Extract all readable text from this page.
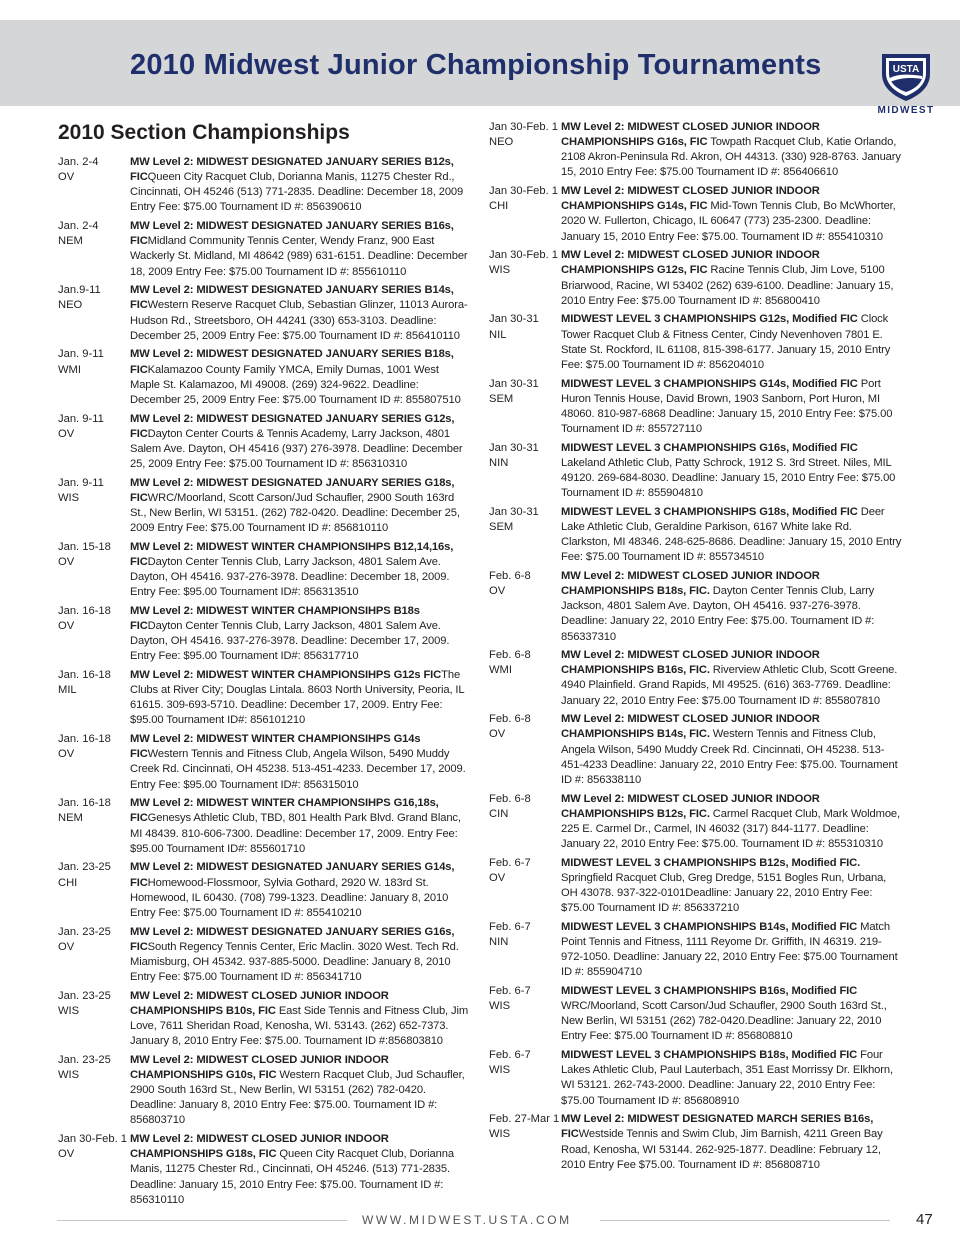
2010 Midwest Junior Championship Tournaments	USTA
MIDWEST
2010 Section Championships
Jan. 2-4
OV
MW Level 2: MIDWEST DESIGNATED JANUARY SERIES B12s, FICQueen City Racquet Club, Dorianna Manis, 11275 Chester Rd., Cincinnati, OH 45246 (513) 771-2835. Deadline: December 18, 2009 Entry Fee: $75.00 Tournament ID #: 856390610
Jan. 2-4
NEM
MW Level 2: MIDWEST DESIGNATED JANUARY SERIES B16s, FICMidland Community Tennis Center, Wendy Franz, 900 East Wackerly St. Midland, MI 48642 (989) 631-6151. Deadline: December 18, 2009 Entry Fee: $75.00 Tournament ID #: 855610110
Jan.9-11
NEO
MW Level 2: MIDWEST DESIGNATED JANUARY SERIES B14s, FICWestern Reserve Racquet Club, Sebastian Glinzer, 11013 Aurora-Hudson Rd., Streetsboro, OH 44241 (330) 653-3103. Deadline: December 25, 2009 Entry Fee: $75.00 Tournament ID #: 856410110
Jan. 9-11
WMI
MW Level 2: MIDWEST DESIGNATED JANUARY SERIES B18s, FICKalamazoo County Family YMCA, Emily Dumas, 1001 West Maple St. Kalamazoo, MI 49008. (269) 324-9622. Deadline: December 25, 2009 Entry Fee: $75.00 Tournament ID #: 855807510
Jan. 9-11
OV
MW Level 2: MIDWEST DESIGNATED JANUARY SERIES G12s, FICDayton Center Courts & Tennis Academy, Larry Jackson, 4801 Salem Ave. Dayton, OH 45416 (937) 276-3978. Deadline: December 25, 2009 Entry Fee: $75.00 Tournament ID #: 856310310
Jan. 9-11
WIS
MW Level 2: MIDWEST DESIGNATED JANUARY SERIES G18s, FICWRC/Moorland, Scott Carson/Jud Schaufler, 2900 South 163rd St., New Berlin, WI 53151. (262) 782-0420. Deadline: December 25, 2009 Entry Fee: $75.00 Tournament ID #: 856810110
Jan. 15-18
OV
MW Level 2: MIDWEST WINTER CHAMPIONSIHPS B12,14,16s, FICDayton Center Tennis Club, Larry Jackson, 4801 Salem Ave. Dayton, OH 45416. 937-276-3978. Deadline: December 18, 2009. Entry Fee: $95.00 Tournament ID#: 856313510
Jan. 16-18
OV
MW Level 2: MIDWEST WINTER CHAMPIONSIHPS B18s FICDayton Center Tennis Club, Larry Jackson, 4801 Salem Ave. Dayton, OH 45416. 937-276-3978. Deadline: December 17, 2009. Entry Fee: $95.00 Tournament ID#: 856317710
Jan. 16-18
MIL
MW Level 2: MIDWEST WINTER CHAMPIONSIHPS G12s FICThe Clubs at River City; Douglas Lintala. 8603 North University, Peoria, IL 61615. 309-693-5710. Deadline: December 17, 2009. Entry Fee: $95.00 Tournament ID#: 856101210
Jan. 16-18
OV
MW Level 2: MIDWEST WINTER CHAMPIONSIHPS G14s FICWestern Tennis and Fitness Club, Angela Wilson, 5490 Muddy Creek Rd. Cincinnati, OH 45238. 513-451-4233. December 17, 2009. Entry Fee: $95.00 Tournament ID#: 856315010
Jan. 16-18
NEM
MW Level 2: MIDWEST WINTER CHAMPIONSIHPS G16,18s, FICGenesys Athletic Club, TBD, 801 Health Park Blvd. Grand Blanc, MI 48439. 810-606-7300. Deadline: December 17, 2009. Entry Fee: $95.00 Tournament ID#: 855601710
Jan. 23-25
CHI
MW Level 2: MIDWEST DESIGNATED JANUARY SERIES G14s, FICHomewood-Flossmoor, Sylvia Gothard, 2920 W. 183rd St. Homewood, IL 60430. (708) 799-1323. Deadline: January 8, 2010 Entry Fee: $75.00 Tournament ID #: 855410210
Jan. 23-25
OV
MW Level 2: MIDWEST DESIGNATED JANUARY SERIES G16s, FICSouth Regency Tennis Center, Eric Maclin. 3020 West. Tech Rd. Miamisburg, OH 45342. 937-885-5000. Deadline: January 8, 2010 Entry Fee: $75.00 Tournament ID #: 856341710
Jan. 23-25
WIS
MW Level 2: MIDWEST CLOSED JUNIOR INDOOR CHAMPIONSHIPS B10s, FIC East Side Tennis and Fitness Club, Jim Love, 7611 Sheridan Road, Kenosha, WI. 53143. (262) 652-7373. January 8, 2010 Entry Fee: $75.00. Tournament ID #:856803810
Jan. 23-25
WIS
MW Level 2: MIDWEST CLOSED JUNIOR INDOOR CHAMPIONSHIPS G10s, FIC Western Racquet Club, Jud Schaufler, 2900 South 163rd St., New Berlin, WI 53151 (262) 782-0420. Deadline: January 8, 2010 Entry Fee: $75.00. Tournament ID #: 856803710
Jan 30-Feb. 1
OV
MW Level 2: MIDWEST CLOSED JUNIOR INDOOR CHAMPIONSHIPS G18s, FIC Queen City Racquet Club, Dorianna Manis, 11275 Chester Rd., Cincinnati, OH 45246. (513) 771-2835. Deadline: January 15, 2010 Entry Fee: $75.00. Tournament ID #: 856310110
Jan 30-Feb. 1
NEO
MW Level 2: MIDWEST CLOSED JUNIOR INDOOR CHAMPIONSHIPS G16s, FIC Towpath Racquet Club, Katie Orlando, 2108 Akron-Peninsula Rd. Akron, OH 44313. (330) 928-8763. January 15, 2010 Entry Fee: $75.00 Tournament ID #: 856406610
Jan 30-Feb. 1
CHI
MW Level 2: MIDWEST CLOSED JUNIOR INDOOR CHAMPIONSHIPS G14s, FIC Mid-Town Tennis Club, Bo McWhorter, 2020 W. Fullerton, Chicago, IL 60647 (773) 235-2300. Deadline: January 15, 2010 Entry Fee: $75.00. Tournament ID #: 855410310
Jan 30-Feb. 1
WIS
MW Level 2: MIDWEST CLOSED JUNIOR INDOOR CHAMPIONSHIPS G12s, FIC Racine Tennis Club, Jim Love, 5100 Briarwood, Racine, WI 53402 (262) 639-6100. Deadline: January 15, 2010 Entry Fee: $75.00 Tournament ID #: 856800410
Jan 30-31
NIL
MIDWEST LEVEL 3 CHAMPIONSHIPS G12s, Modified FIC Clock Tower Racquet Club & Fitness Center, Cindy Nevenhoven 7801 E. State St. Rockford, IL 61108, 815-398-6177. January 15, 2010 Entry Fee: $75.00 Tournament ID #: 856204010
Jan 30-31
SEM
MIDWEST LEVEL 3 CHAMPIONSHIPS G14s, Modified FIC Port Huron Tennis House, David Brown, 1903 Sanborn, Port Huron, MI 48060. 810-987-6868 Deadline: January 15, 2010 Entry Fee: $75.00 Tournament ID #: 855727110
Jan 30-31
NIN
MIDWEST LEVEL 3 CHAMPIONSHIPS G16s, Modified FIC Lakeland Athletic Club, Patty Schrock, 1912 S. 3rd Street. Niles, MIL 49120. 269-684-8030. Deadline: January 15, 2010 Entry Fee: $75.00 Tournament ID #: 855904810
Jan 30-31
SEM
MIDWEST LEVEL 3 CHAMPIONSHIPS G18s, Modified FIC Deer Lake Athletic Club, Geraldine Parkison, 6167 White lake Rd. Clarkston, MI 48346. 248-625-8686. Deadline: January 15, 2010 Entry Fee: $75.00 Tournament ID #: 855734510
Feb. 6-8
OV
MW Level 2: MIDWEST CLOSED JUNIOR INDOOR CHAMPIONSHIPS B18s, FIC. Dayton Center Tennis Club, Larry Jackson, 4801 Salem Ave. Dayton, OH 45416. 937-276-3978. Deadline: January 22, 2010 Entry Fee: $75.00. Tournament ID #: 856337310
Feb. 6-8
WMI
MW Level 2: MIDWEST CLOSED JUNIOR INDOOR CHAMPIONSHIPS B16s, FIC. Riverview Athletic Club, Scott Greene. 4940 Plainfield. Grand Rapids, MI 49525. (616) 363-7769. Deadline: January 22, 2010 Entry Fee: $75.00 Tournament ID #: 855807810
Feb. 6-8
OV
MW Level 2: MIDWEST CLOSED JUNIOR INDOOR CHAMPIONSHIPS B14s, FIC. Western Tennis and Fitness Club, Angela Wilson, 5490 Muddy Creek Rd. Cincinnati, OH 45238. 513-451-4233 Deadline: January 22, 2010 Entry Fee: $75.00. Tournament ID #: 856338110
Feb. 6-8
CIN
MW Level 2: MIDWEST CLOSED JUNIOR INDOOR CHAMPIONSHIPS B12s, FIC. Carmel Racquet Club, Mark Woldmoe, 225 E. Carmel Dr., Carmel, IN 46032 (317) 844-1177. Deadline: January 22, 2010 Entry Fee: $75.00. Tournament ID #: 855310310
Feb. 6-7
OV
MIDWEST LEVEL 3 CHAMPIONSHIPS B12s, Modified FIC. Springfield Racquet Club, Greg Dredge, 5151 Bogles Run, Urbana, OH 43078. 937-322-0101Deadline: January 22, 2010 Entry Fee: $75.00 Tournament ID #: 856337210
Feb. 6-7
NIN
MIDWEST LEVEL 3 CHAMPIONSHIPS B14s, Modified FIC Match Point Tennis and Fitness, 1111 Reyome Dr. Griffith, IN 46319. 219-972-1050. Deadline: January 22, 2010 Entry Fee: $75.00 Tournament ID #: 855904710
Feb. 6-7
WIS
MIDWEST LEVEL 3 CHAMPIONSHIPS B16s, Modified FIC WRC/Moorland, Scott Carson/Jud Schaufler, 2900 South 163rd St., New Berlin, WI 53151 (262) 782-0420.Deadline: January 22, 2010 Entry Fee: $75.00 Tournament ID #: 856808810
Feb. 6-7
WIS
MIDWEST LEVEL 3 CHAMPIONSHIPS B18s, Modified FIC Four Lakes Athletic Club, Paul Lauterbach, 351 East Morrissy Dr. Elkhorn, WI 53121. 262-743-2000. Deadline: January 22, 2010 Entry Fee: $75.00 Tournament ID #: 856808910
Feb. 27-Mar 1
WIS
MW Level 2: MIDWEST DESIGNATED MARCH SERIES B16s, FICWestside Tennis and Swim Club, Jim Barnish, 4211 Green Bay Road, Kenosha, WI 53144. 262-925-1877. Deadline: February 12, 2010 Entry Fee $75.00. Tournament ID #: 856808710
WWW.MIDWEST.USTA.COM	47
